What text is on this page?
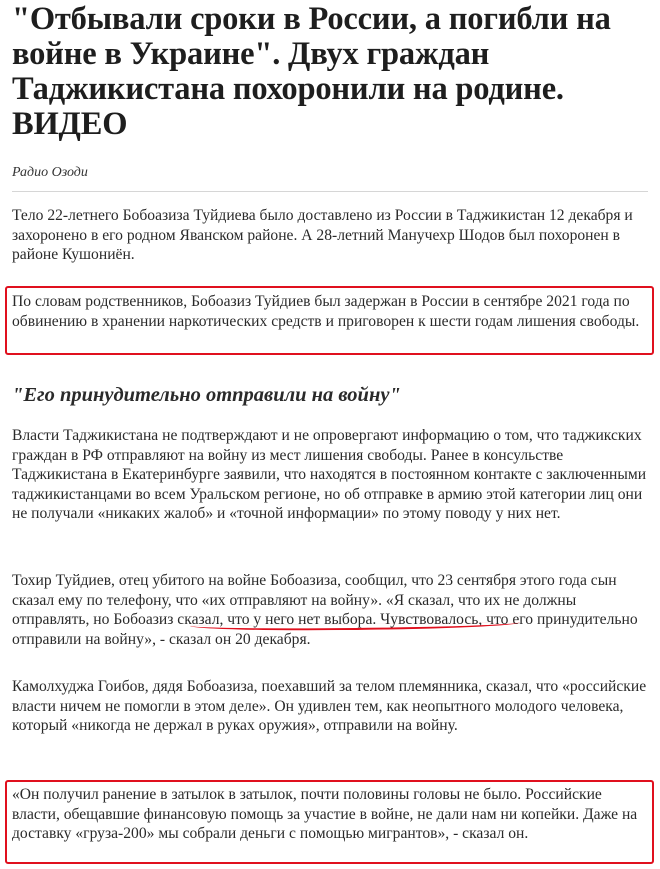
"Отбывали сроки в России, а погибли на войне в Украине". Двух граждан Таджикистана похоронили на родине. ВИДЕО
Радио Озоди

Тело 22-летнего Бобоазиза Туйдиева было доставлено из России в Таджикистан 12 декабря и захоронено в его родном Яванском районе. А 28-летний Манучехр Шодов был похоронен в районе Кушониён.

По словам родственников, Бобоазиз Туйдиев был задержан в России в сентябре 2021 года по обвинению в хранении наркотических средств и приговорен к шести годам лишения свободы.

"Его принудительно отправили на войну"

Власти Таджикистана не подтверждают и не опровергают информацию о том, что таджикских граждан в РФ отправляют на войну из мест лишения свободы. Ранее в консульстве Таджикистана в Екатеринбурге заявили, что находятся в постоянном контакте с заключенными таджикистанцами во всем Уральском регионе, но об отправке в армию этой категории лиц они не получали «никаких жалоб» и «точной информации» по этому поводу у них нет.

Тохир Туйдиев, отец убитого на войне Бобоазиза, сообщил, что 23 сентября этого года сын сказал ему по телефону, что «их отправляют на войну». «Я сказал, что их не должны отправлять, но Бобоазиз сказал, что у него нет выбора. Чувствовалось, что его принудительно отправили на войну», - сказал он 20 декабря.

Камолхуджа Гоибов, дядя Бобоазиза, поехавший за телом племянника, сказал, что «российские власти ничем не помогли в этом деле». Он удивлен тем, как неопытного молодого человека, который «никогда не держал в руках оружия», отправили на войну.

«Он получил ранение в затылок в затылок, почти половины головы не было. Российские власти, обещавшие финансовую помощь за участие в войне, не дали нам ни копейки. Даже на доставку «груза-200» мы собрали деньги с помощью мигрантов», - сказал он.
